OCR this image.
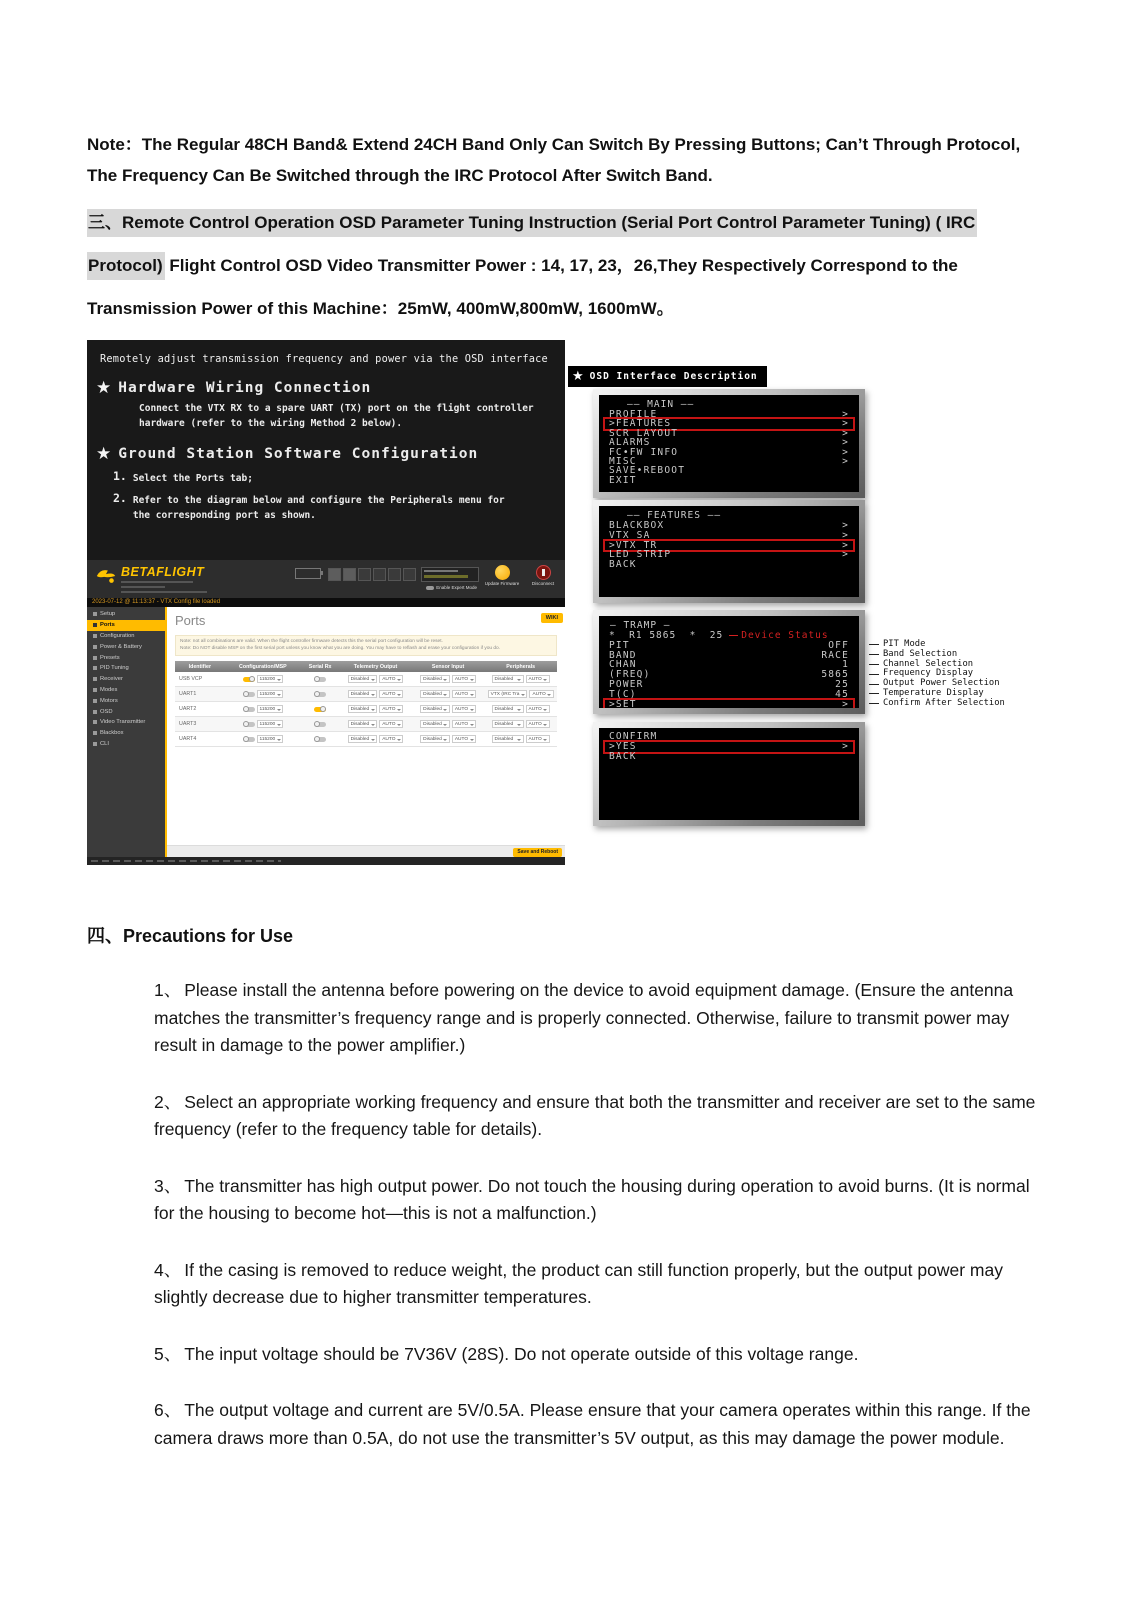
Note：The Regular 48CH Band& Extend 24CH Band Only Can Switch By Pressing Buttons; Can’t Through Protocol, The Frequency Can Be Switched through the IRC Protocol After Switch Band.

三、Remote Control Operation OSD Parameter Tuning Instruction (Serial Port Control Parameter Tuning) ( IRC Protocol) Flight Control OSD Video Transmitter Power : 14, 17, 23，26,They Respectively Correspond to the Transmission Power of this Machine：25mW, 400mW,800mW, 1600mW。

Remotely adjust transmission frequency and power via the OSD interface
★ Hardware Wiring Connection
Connect the VTX RX to a spare UART (TX) port on the flight controller
hardware (refer to the wiring Method 2 below).
★ Ground Station Software Configuration
1. Select the Ports tab;
2. Refer to the diagram below and configure the Peripherals menu for the corresponding port as shown.
BETAFLIGHT
Update Firmware	Disconnect
Enable Expert Mode
2023-07-12 @ 11:13:37 - VTX Config file loaded
Setup
Ports
Configuration
Power & Battery
Presets
PID Tuning
Receiver
Modes
Motors
OSD
Video Transmitter
Blackbox
CLI
Ports	WIKI
Note: not all combinations are valid. When the flight controller firmware detects this the serial port configuration will be reset.
Note: Do NOT disable MSP on the first serial port unless you know what you are doing. You may have to reflash and erase your configuration if you do.
Identifier	Configuration/MSP	Serial Rx	Telemetry Output	Sensor Input	Peripherals
USB VCP	115200	Disabled	AUTO	Disabled	AUTO	Disabled	AUTO
UART1	115200	Disabled	AUTO	Disabled	AUTO	VTX (IRC Tra	AUTO
UART2	115200	Disabled	AUTO	Disabled	AUTO	Disabled	AUTO
UART3	115200	Disabled	AUTO	Disabled	AUTO	Disabled	AUTO
UART4	115200	Disabled	AUTO	Disabled	AUTO	Disabled	AUTO
Save and Reboot
★ OSD Interface Description
—— MAIN ——
PROFILE	>
>FEATURES	>
SCR LAYOUT	>
ALARMS	>
FC•FW INFO	>
MISC	>
SAVE•REBOOT
EXIT
—— FEATURES ——
BLACKBOX	>
VTX SA	>
>VTX TR	>
LED STRIP	>
BACK
— TRAMP —
*  R1 5865  *  25	Device Status
PIT	OFF
BAND	RACE
CHAN	1
(FREQ)	5865
POWER	25
T(C)	45
>SET	>
BACK
PIT Mode
Band Selection
Channel Selection
Frequency Display
Output Power Selection
Temperature Display
Confirm After Selection
CONFIRM
>YES	>
BACK
四、Precautions for Use

1、 Please install the antenna before powering on the device to avoid equipment damage. (Ensure the antenna matches the transmitter’s frequency range and is properly connected. Otherwise, failure to transmit power may result in damage to the power amplifier.)

2、 Select an appropriate working frequency and ensure that both the transmitter and receiver are set to the same frequency (refer to the frequency table for details).

3、 The transmitter has high output power. Do not touch the housing during operation to avoid burns. (It is normal for the housing to become hot—this is not a malfunction.)

4、 If the casing is removed to reduce weight, the product can still function properly, but the output power may slightly decrease due to higher transmitter temperatures.

5、 The input voltage should be 7V36V (28S). Do not operate outside of this voltage range.

6、 The output voltage and current are 5V/0.5A. Please ensure that your camera operates within this range. If the camera draws more than 0.5A, do not use the transmitter’s 5V output, as this may damage the power module.
